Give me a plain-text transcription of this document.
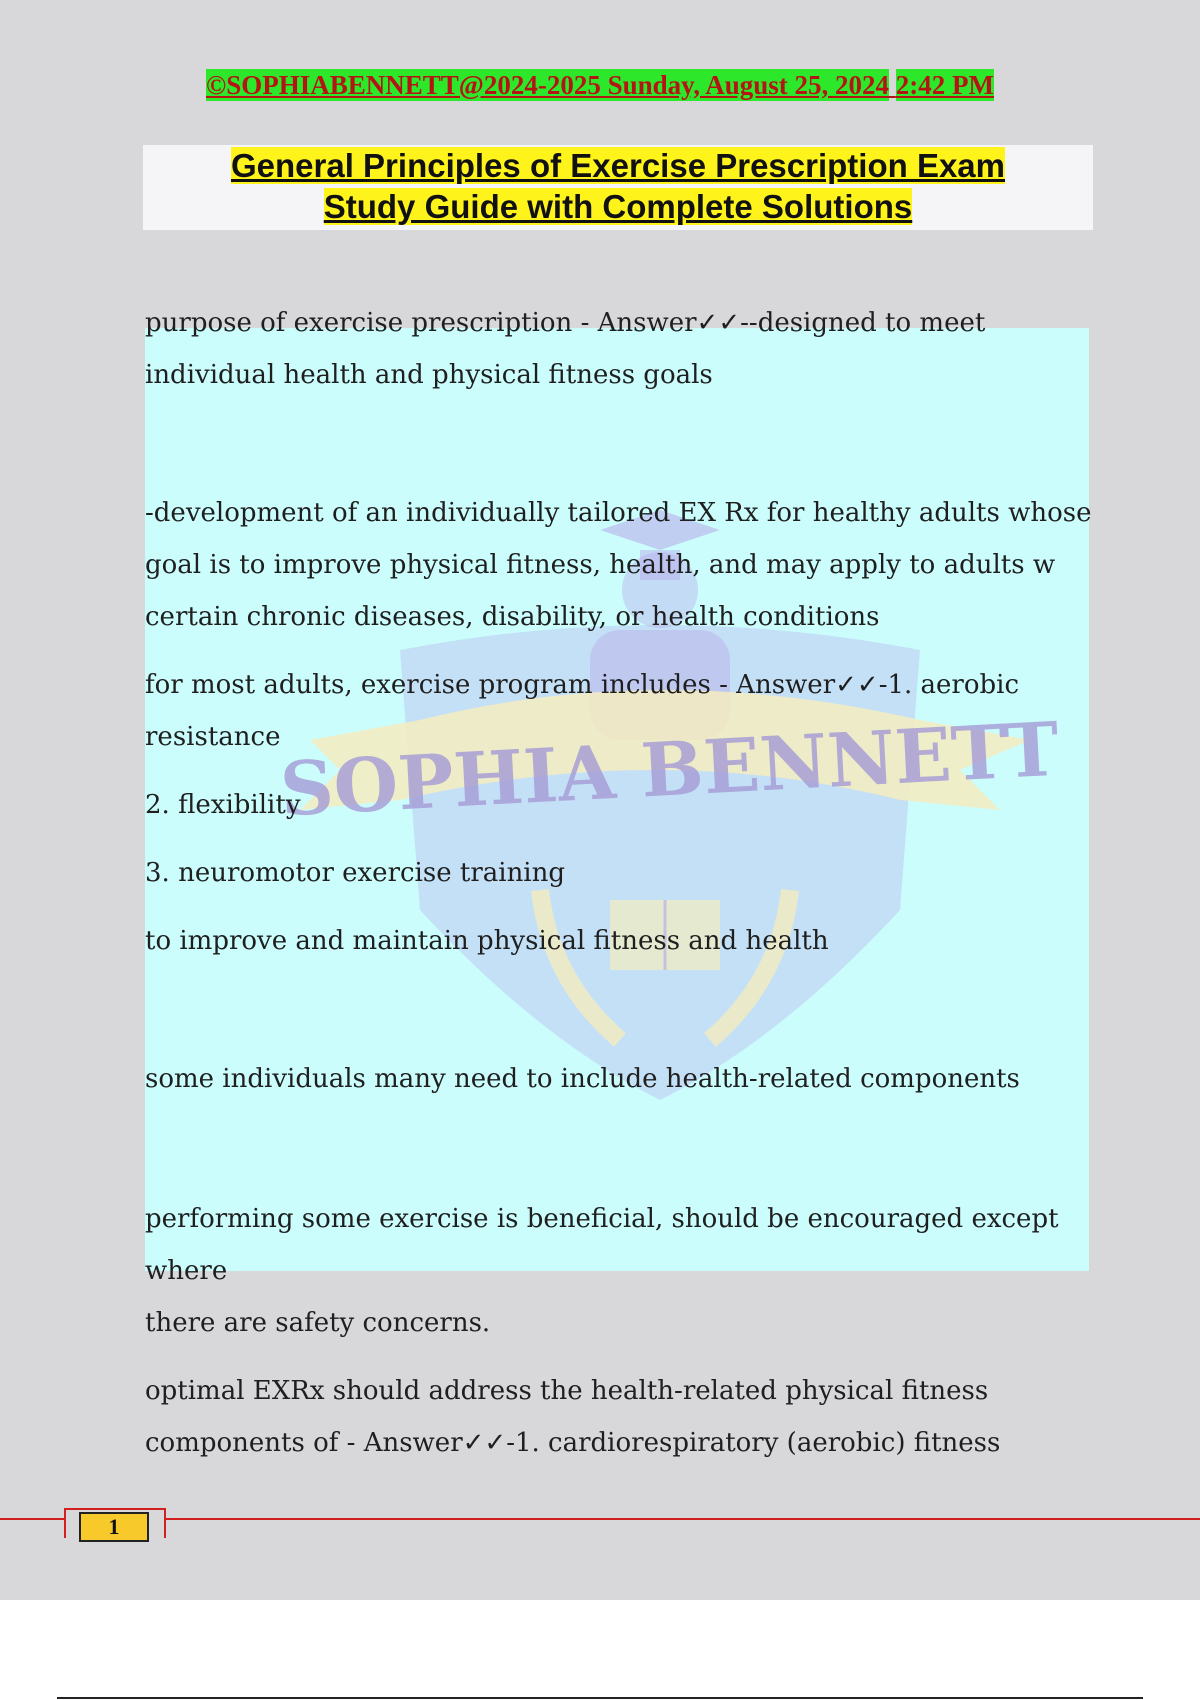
©SOPHIABENNETT@2024-2025 Sunday, August 25, 2024 2:42 PM
General Principles of Exercise Prescription Exam
Study Guide with Complete Solutions
SOPHIA BENNETT

purpose of exercise prescription - Answer✓✓--designed to meet

individual health and physical fitness goals

-development of an individually tailored EX Rx for healthy adults whose

goal is to improve physical fitness, health, and may apply to adults w

certain chronic diseases, disability, or health conditions

for most adults, exercise program includes - Answer✓✓-1. aerobic

resistance

2. flexibility

3. neuromotor exercise training

to improve and maintain physical fitness and health

some individuals many need to include health-related components

performing some exercise is beneficial, should be encouraged except where

there are safety concerns.

optimal EXRx should address the health-related physical fitness

components of - Answer✓✓-1. cardiorespiratory (aerobic) fitness

1
